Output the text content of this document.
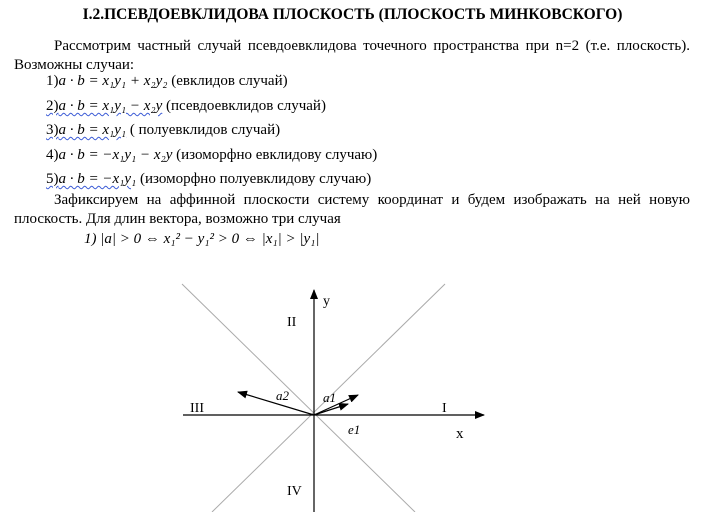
I.2.ПСЕВДОЕВКЛИДОВА ПЛОСКОСТЬ (ПЛОСКОСТЬ МИНКОВСКОГО)
Рассмотрим частный случай псевдоевклидова точечного пространства при n=2 (т.е. плоскость). Возможны случаи:
1)a · b = x₁y₁ + x₂y₂ (евклидов случай)
2)a · b = x₁y₁ − x₂y (псевдоевклидов случай)
3)a · b = x₁y₁ ( полуевклидов случай)
4)a · b = −x₁y₁ − x₂y (изоморфно евклидову случаю)
5)a · b = −x₁y₁ (изоморфно полуевклидову случаю)
Зафиксируем на аффинной плоскости систему координат и будем изображать на ней новую плоскость. Для длин вектора, возможно три случая
1) |a| > 0 ⇔ x₁² − y₁² > 0 ⇔ |x₁| > |y₁|
y
x
I
II
III
IV
a1
a2
e1
